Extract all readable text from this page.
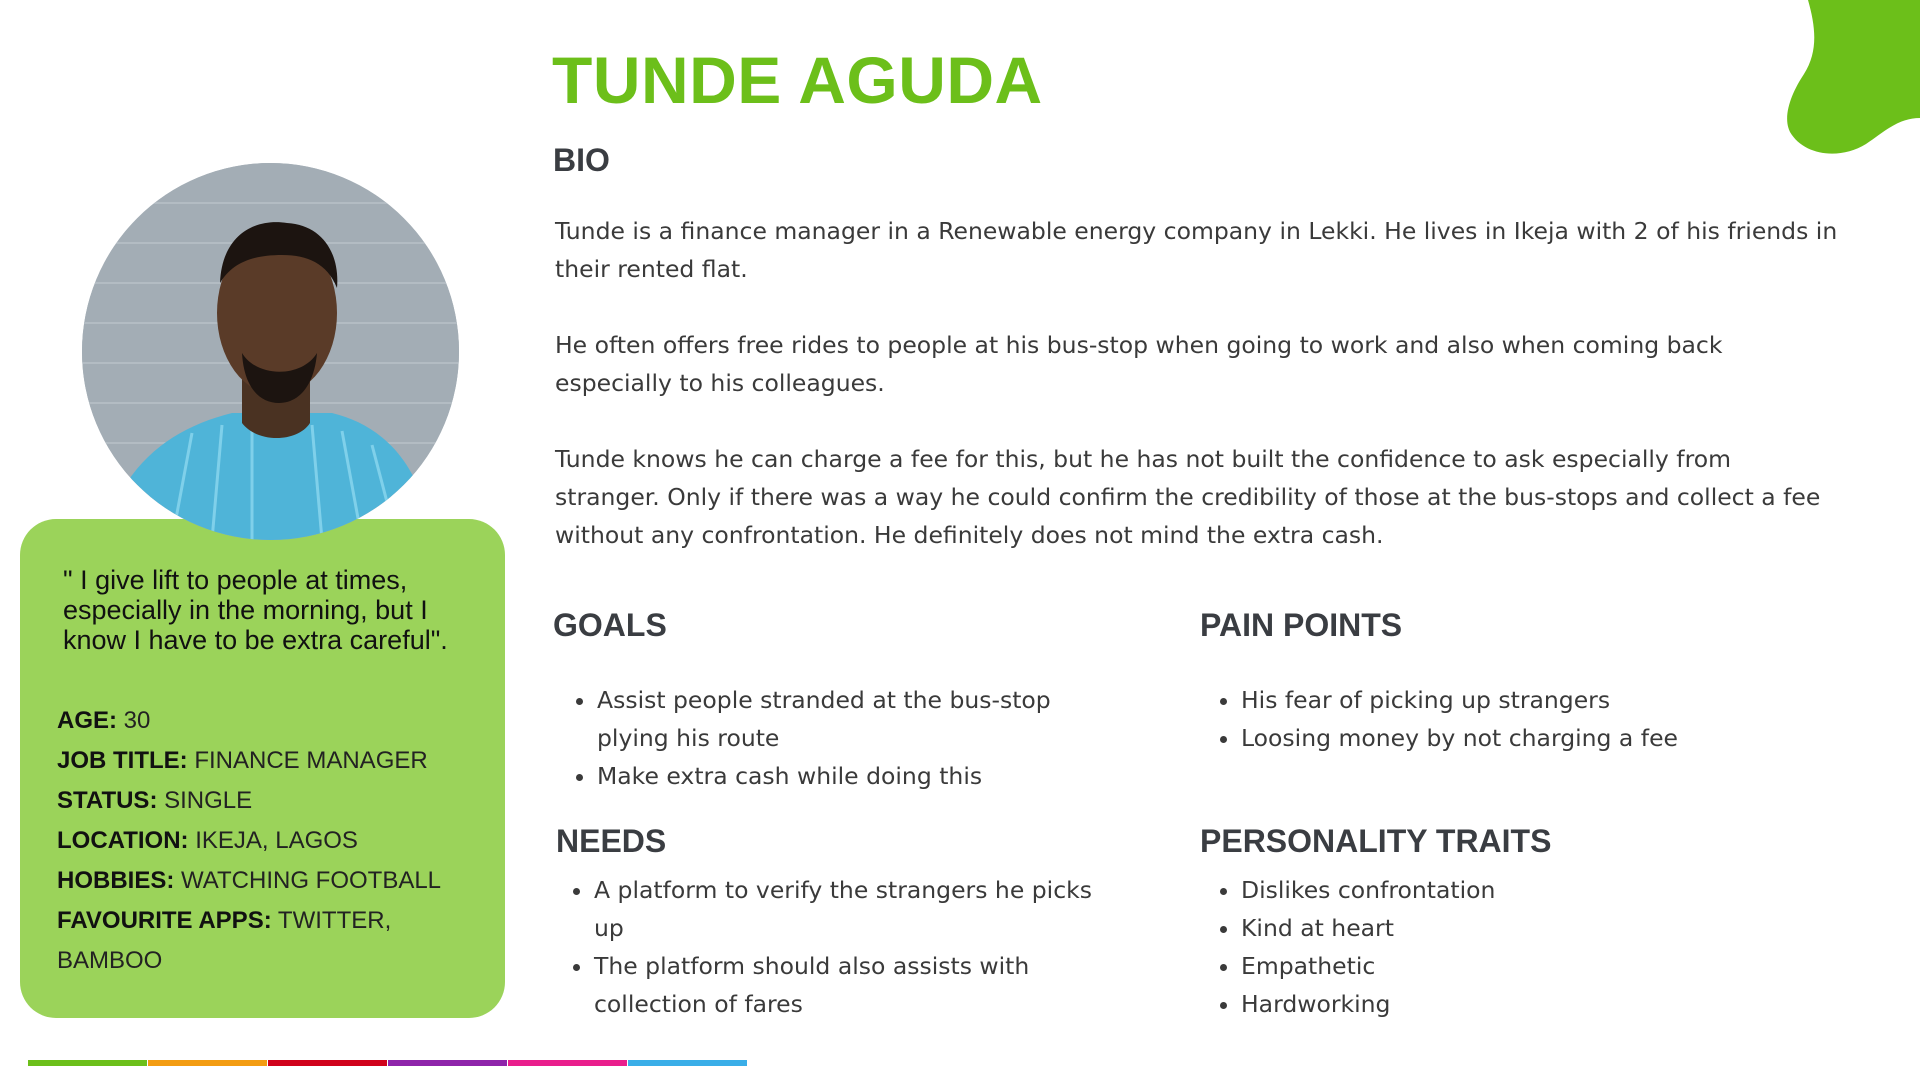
TUNDE AGUDA
" I give lift to people at times, especially in the morning, but I know I have to be extra careful".
AGE: 30
JOB TITLE: FINANCE MANAGER
STATUS: SINGLE
LOCATION: IKEJA, LAGOS
HOBBIES: WATCHING FOOTBALL
FAVOURITE APPS: TWITTER, BAMBOO
BIO

Tunde is a finance manager in a Renewable energy company in Lekki. He lives in Ikeja with 2 of his friends in their rented flat.

He often offers free rides to people at his bus-stop when going to work and also when coming back especially to his colleagues.

Tunde knows he can charge a fee for this, but he has not built the confidence to ask especially from stranger. Only if there was a way he could confirm the credibility of those at the bus-stops and collect a fee without any confrontation. He definitely does not mind the extra cash.

GOALS
• Assist people stranded at the bus-stop plying his route
• Make extra cash while doing this
PAIN POINTS
• His fear of picking up strangers
• Loosing money by not charging a fee
NEEDS
• A platform to verify the strangers he picks up
• The platform should also assists with collection of fares
PERSONALITY TRAITS
• Dislikes confrontation
• Kind at heart
• Empathetic
• Hardworking
